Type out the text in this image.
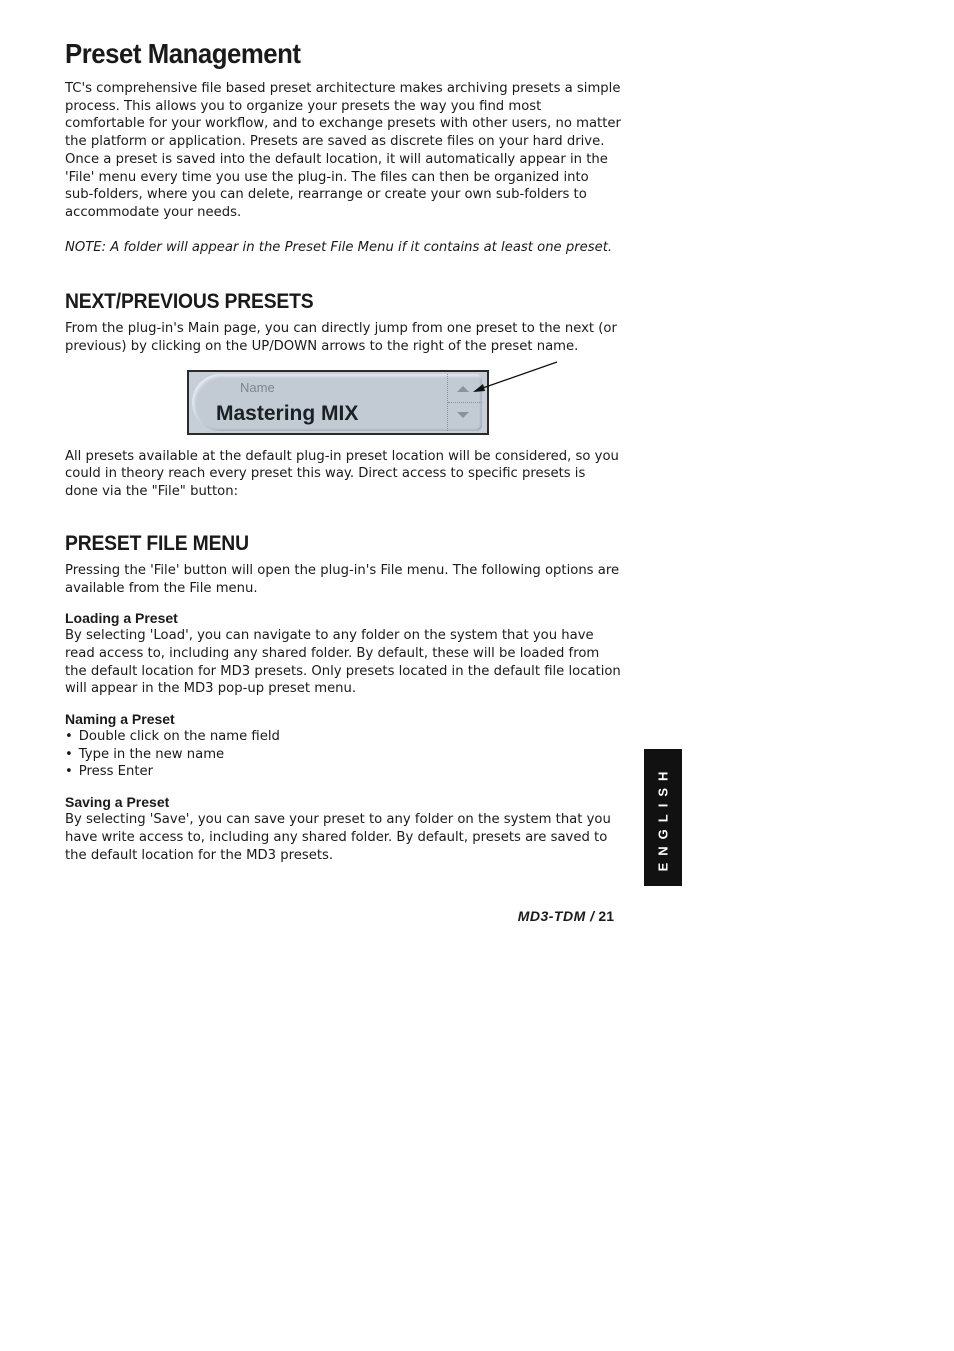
Preset Management

TC's comprehensive file based preset architecture makes archiving presets a simple process. This allows you to organize your presets the way you find most comfortable for your workflow, and to exchange presets with other users, no matter the platform or application. Presets are saved as discrete files on your hard drive. Once a preset is saved into the default location, it will automatically appear in the 'File' menu every time you use the plug-in. The files can then be organized into sub-folders, where you can delete, rearrange or create your own sub-folders to accommodate your needs.

NOTE: A folder will appear in the Preset File Menu if it contains at least one preset.

NEXT/PREVIOUS PRESETS

From the plug-in's Main page, you can directly jump from one preset to the next (or previous) by clicking on the UP/DOWN arrows to the right of the preset name.

Name
Mastering MIX

All presets available at the default plug-in preset location will be considered, so you could in theory reach every preset this way. Direct access to specific presets is done via the "File" button:

PRESET FILE MENU

Pressing the 'File' button will open the plug-in's File menu. The following options are available from the File menu.

Loading a Preset

By selecting 'Load', you can navigate to any folder on the system that you have read access to, including any shared folder. By default, these will be loaded from the default location for MD3 presets. Only presets located in the default file location will appear in the MD3 pop-up preset menu.

Naming a Preset
• Double click on the name field
• Type in the new name
• Press Enter
Saving a Preset

By selecting 'Save', you can save your preset to any folder on the system that you have write access to, including any shared folder. By default, presets are saved to the default location for the MD3 presets.	ENGLISH
MD3-TDM / 21
